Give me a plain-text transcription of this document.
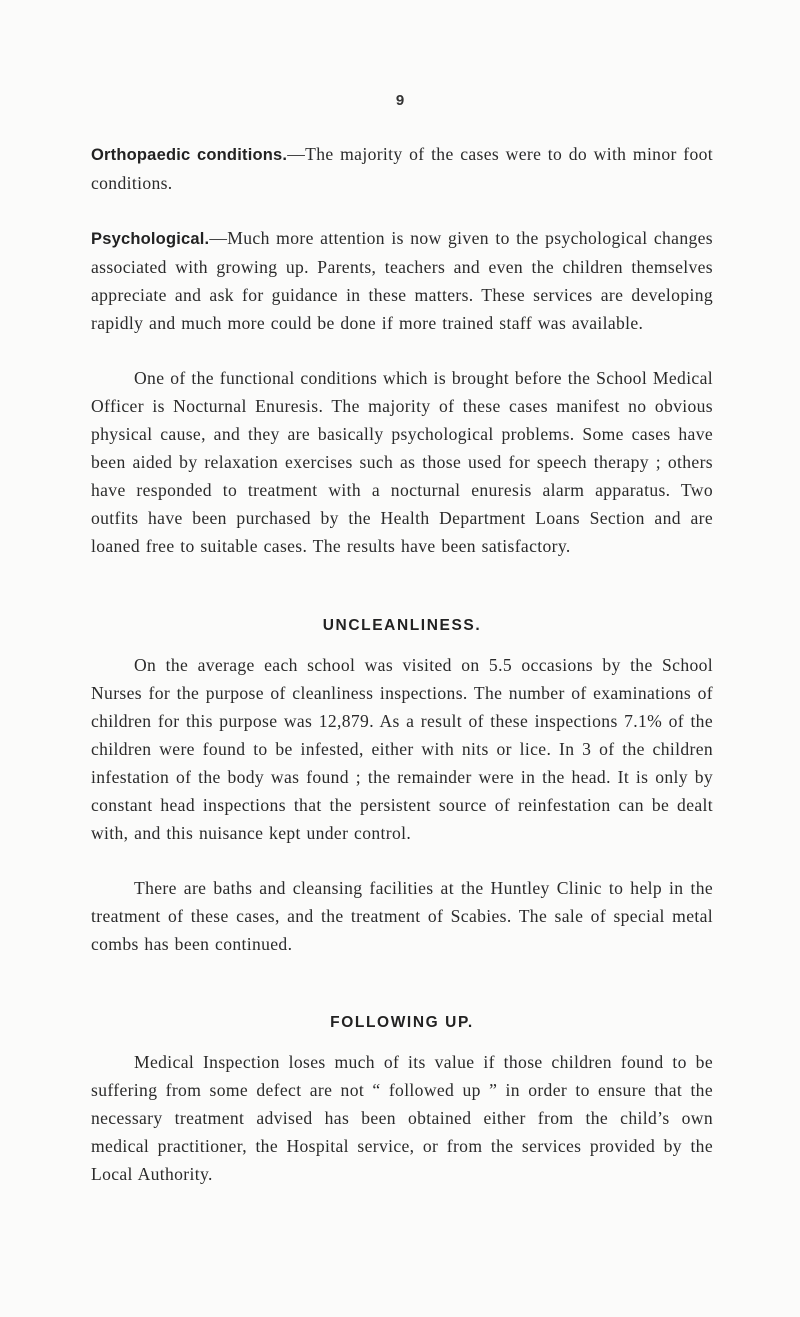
9

Orthopaedic conditions.—The majority of the cases were to do with minor foot conditions.

Psychological.—Much more attention is now given to the psychological changes associated with growing up. Parents, teachers and even the children themselves appreciate and ask for guidance in these matters. These services are developing rapidly and much more could be done if more trained staff was available.

One of the functional conditions which is brought before the School Medical Officer is Nocturnal Enuresis. The majority of these cases manifest no obvious physical cause, and they are basically psychological problems. Some cases have been aided by relaxation exercises such as those used for speech therapy ; others have responded to treatment with a nocturnal enuresis alarm apparatus. Two outfits have been purchased by the Health Department Loans Section and are loaned free to suitable cases. The results have been satisfactory.

UNCLEANLINESS.

On the average each school was visited on 5.5 occasions by the School Nurses for the purpose of cleanliness inspections. The number of examinations of children for this purpose was 12,879. As a result of these inspections 7.1% of the children were found to be infested, either with nits or lice. In 3 of the children infestation of the body was found ; the remainder were in the head. It is only by constant head inspections that the persistent source of reinfestation can be dealt with, and this nuisance kept under control.

There are baths and cleansing facilities at the Huntley Clinic to help in the treatment of these cases, and the treatment of Scabies. The sale of special metal combs has been continued.

FOLLOWING UP.

Medical Inspection loses much of its value if those children found to be suffering from some defect are not “ followed up ” in order to ensure that the necessary treatment advised has been obtained either from the child’s own medical practitioner, the Hospital service, or from the services provided by the Local Authority.
